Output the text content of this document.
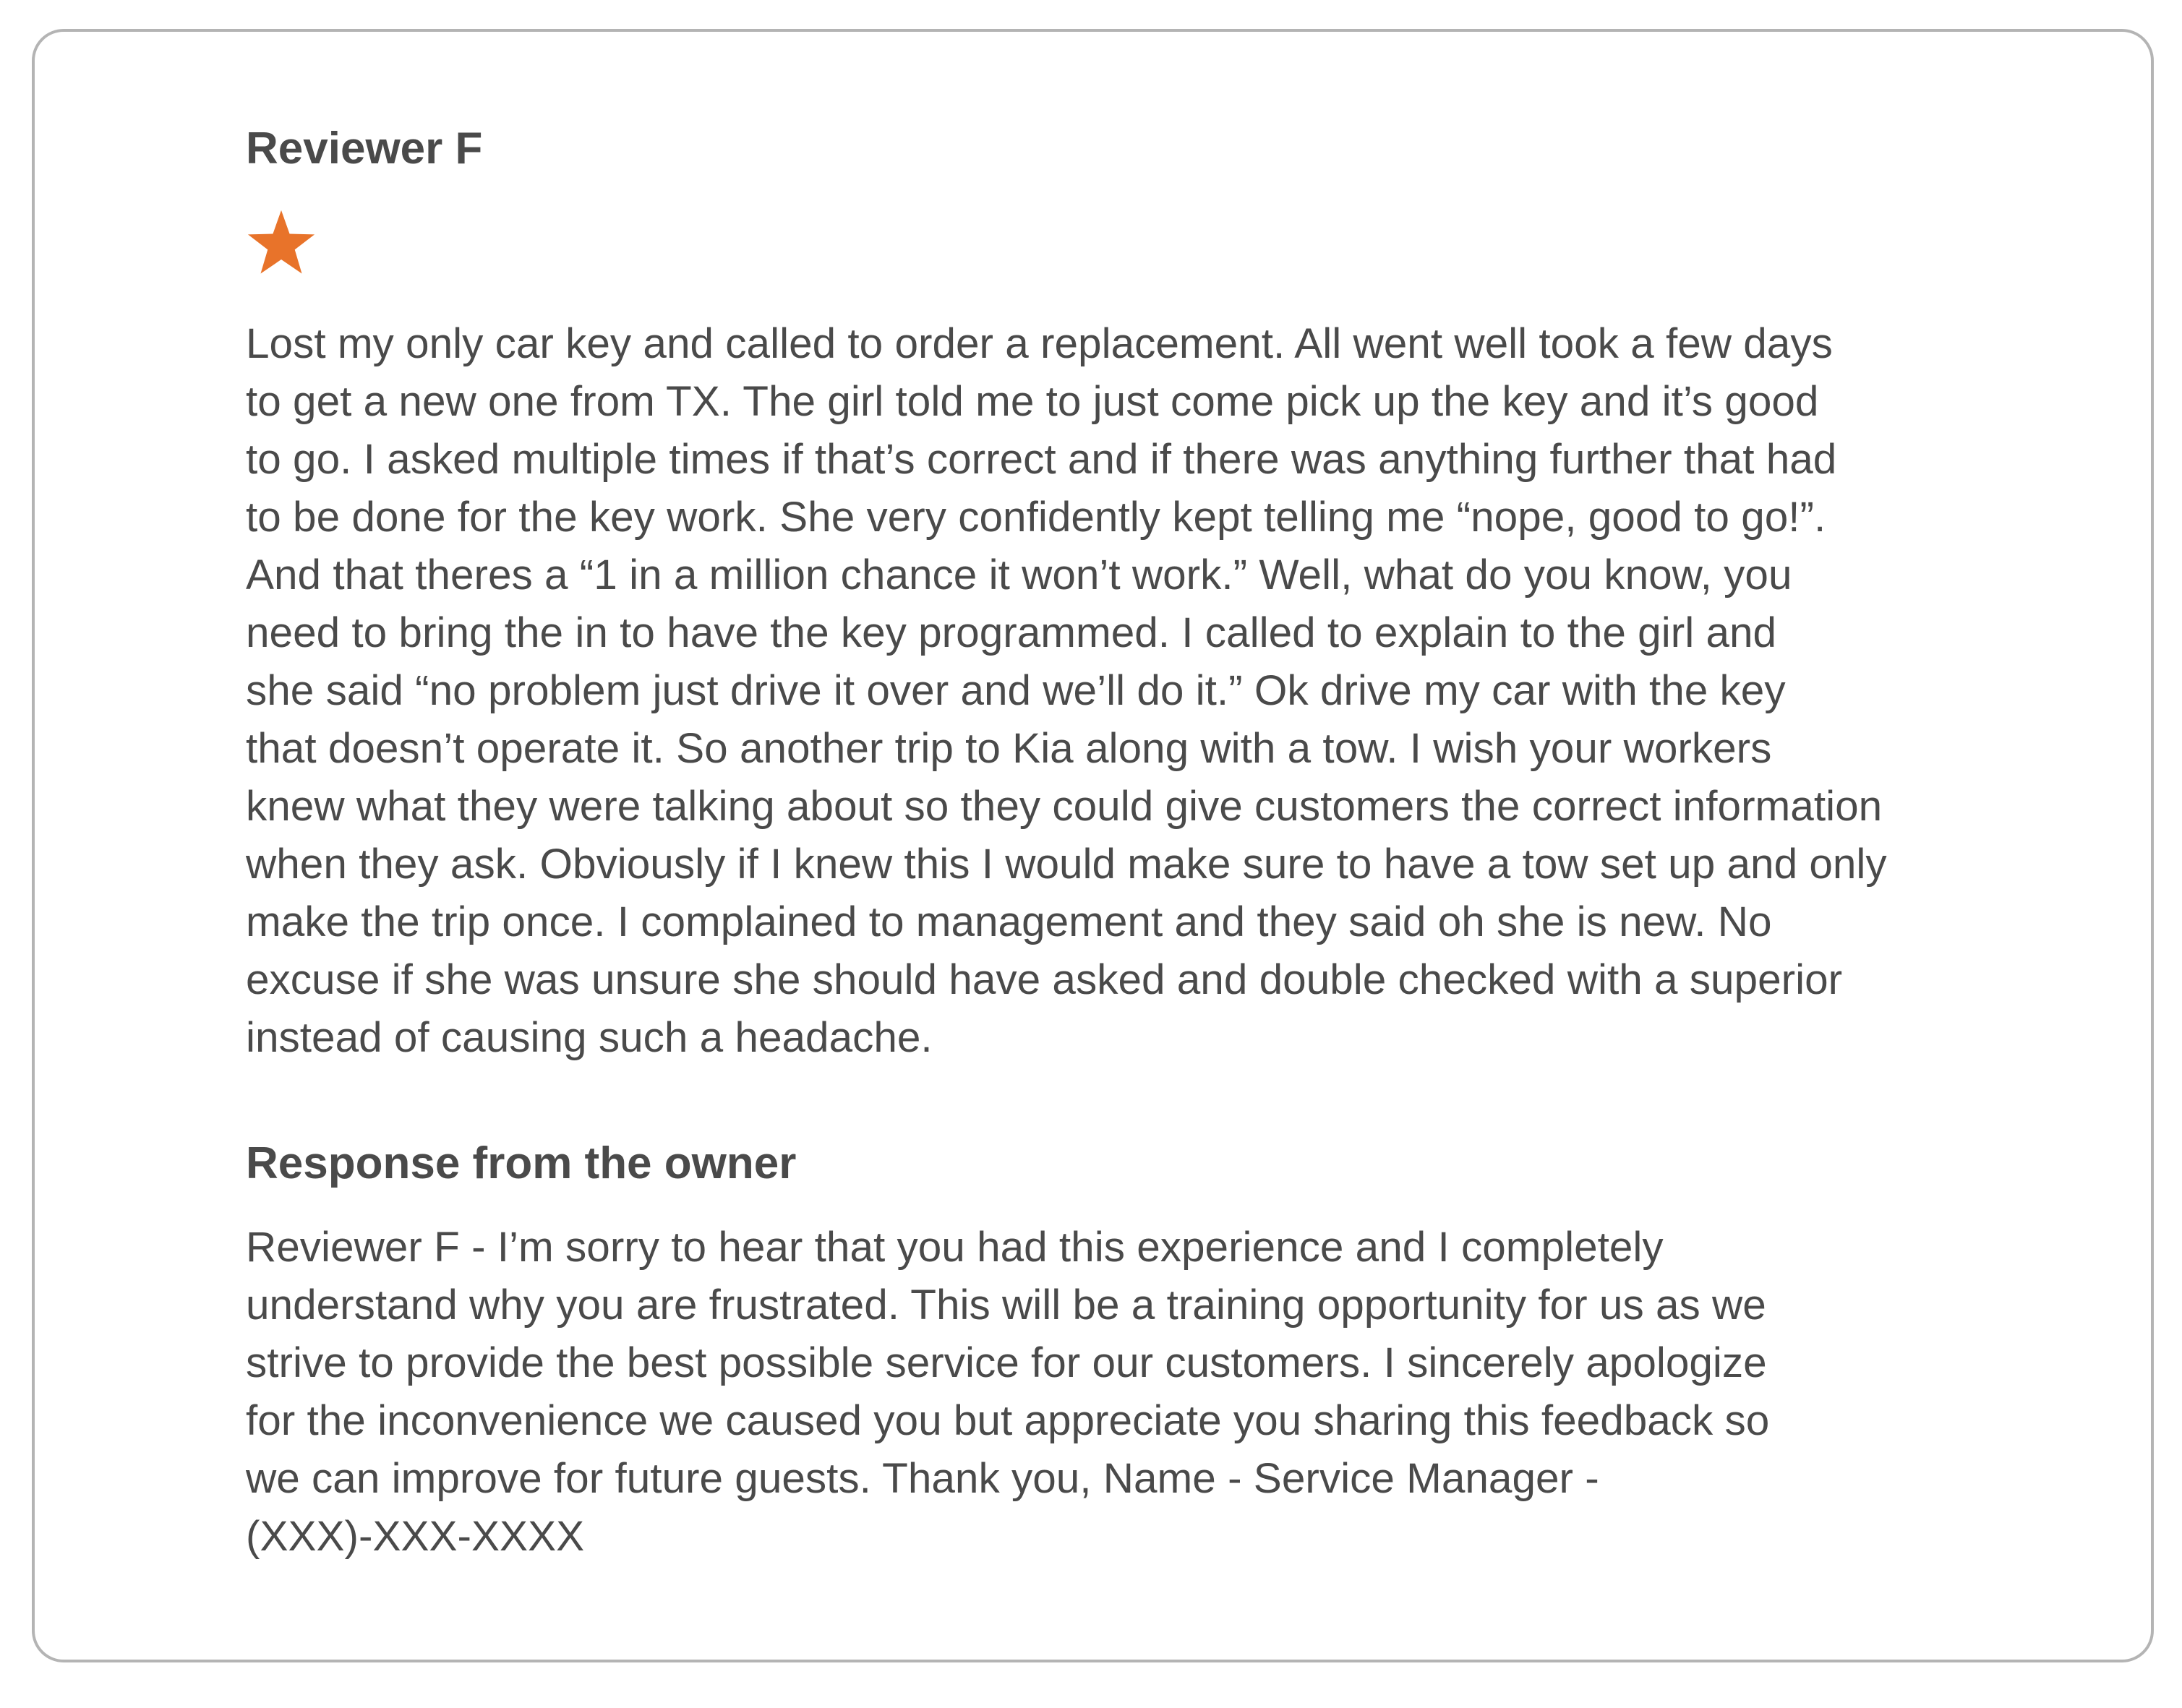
Reviewer F

Lost my only car key and called to order a replacement. All went well took a few days
to get a new one from TX. The girl told me to just come pick up the key and it’s good
to go. I asked multiple times if that’s correct and if there was anything further that had
to be done for the key work. She very confidently kept telling me “nope, good to go!”.
And that theres a “1 in a million chance it won’t work.” Well, what do you know, you
need to bring the in to have the key programmed. I called to explain to the girl and
she said “no problem just drive it over and we’ll do it.” Ok drive my car with the key
that doesn’t operate it. So another trip to Kia along with a tow. I wish your workers
knew what they were talking about so they could give customers the correct information
when they ask. Obviously if I knew this I would make sure to have a tow set up and only
make the trip once. I complained to management and they said oh she is new. No
excuse if she was unsure she should have asked and double checked with a superior
instead of causing such a headache.

Response from the owner

Reviewer F - I’m sorry to hear that you had this experience and I completely
understand why you are frustrated. This will be a training opportunity for us as we
strive to provide the best possible service for our customers. I sincerely apologize
for the inconvenience we caused you but appreciate you sharing this feedback so
we can improve for future guests. Thank you, Name - Service Manager -
(XXX)-XXX-XXXX
